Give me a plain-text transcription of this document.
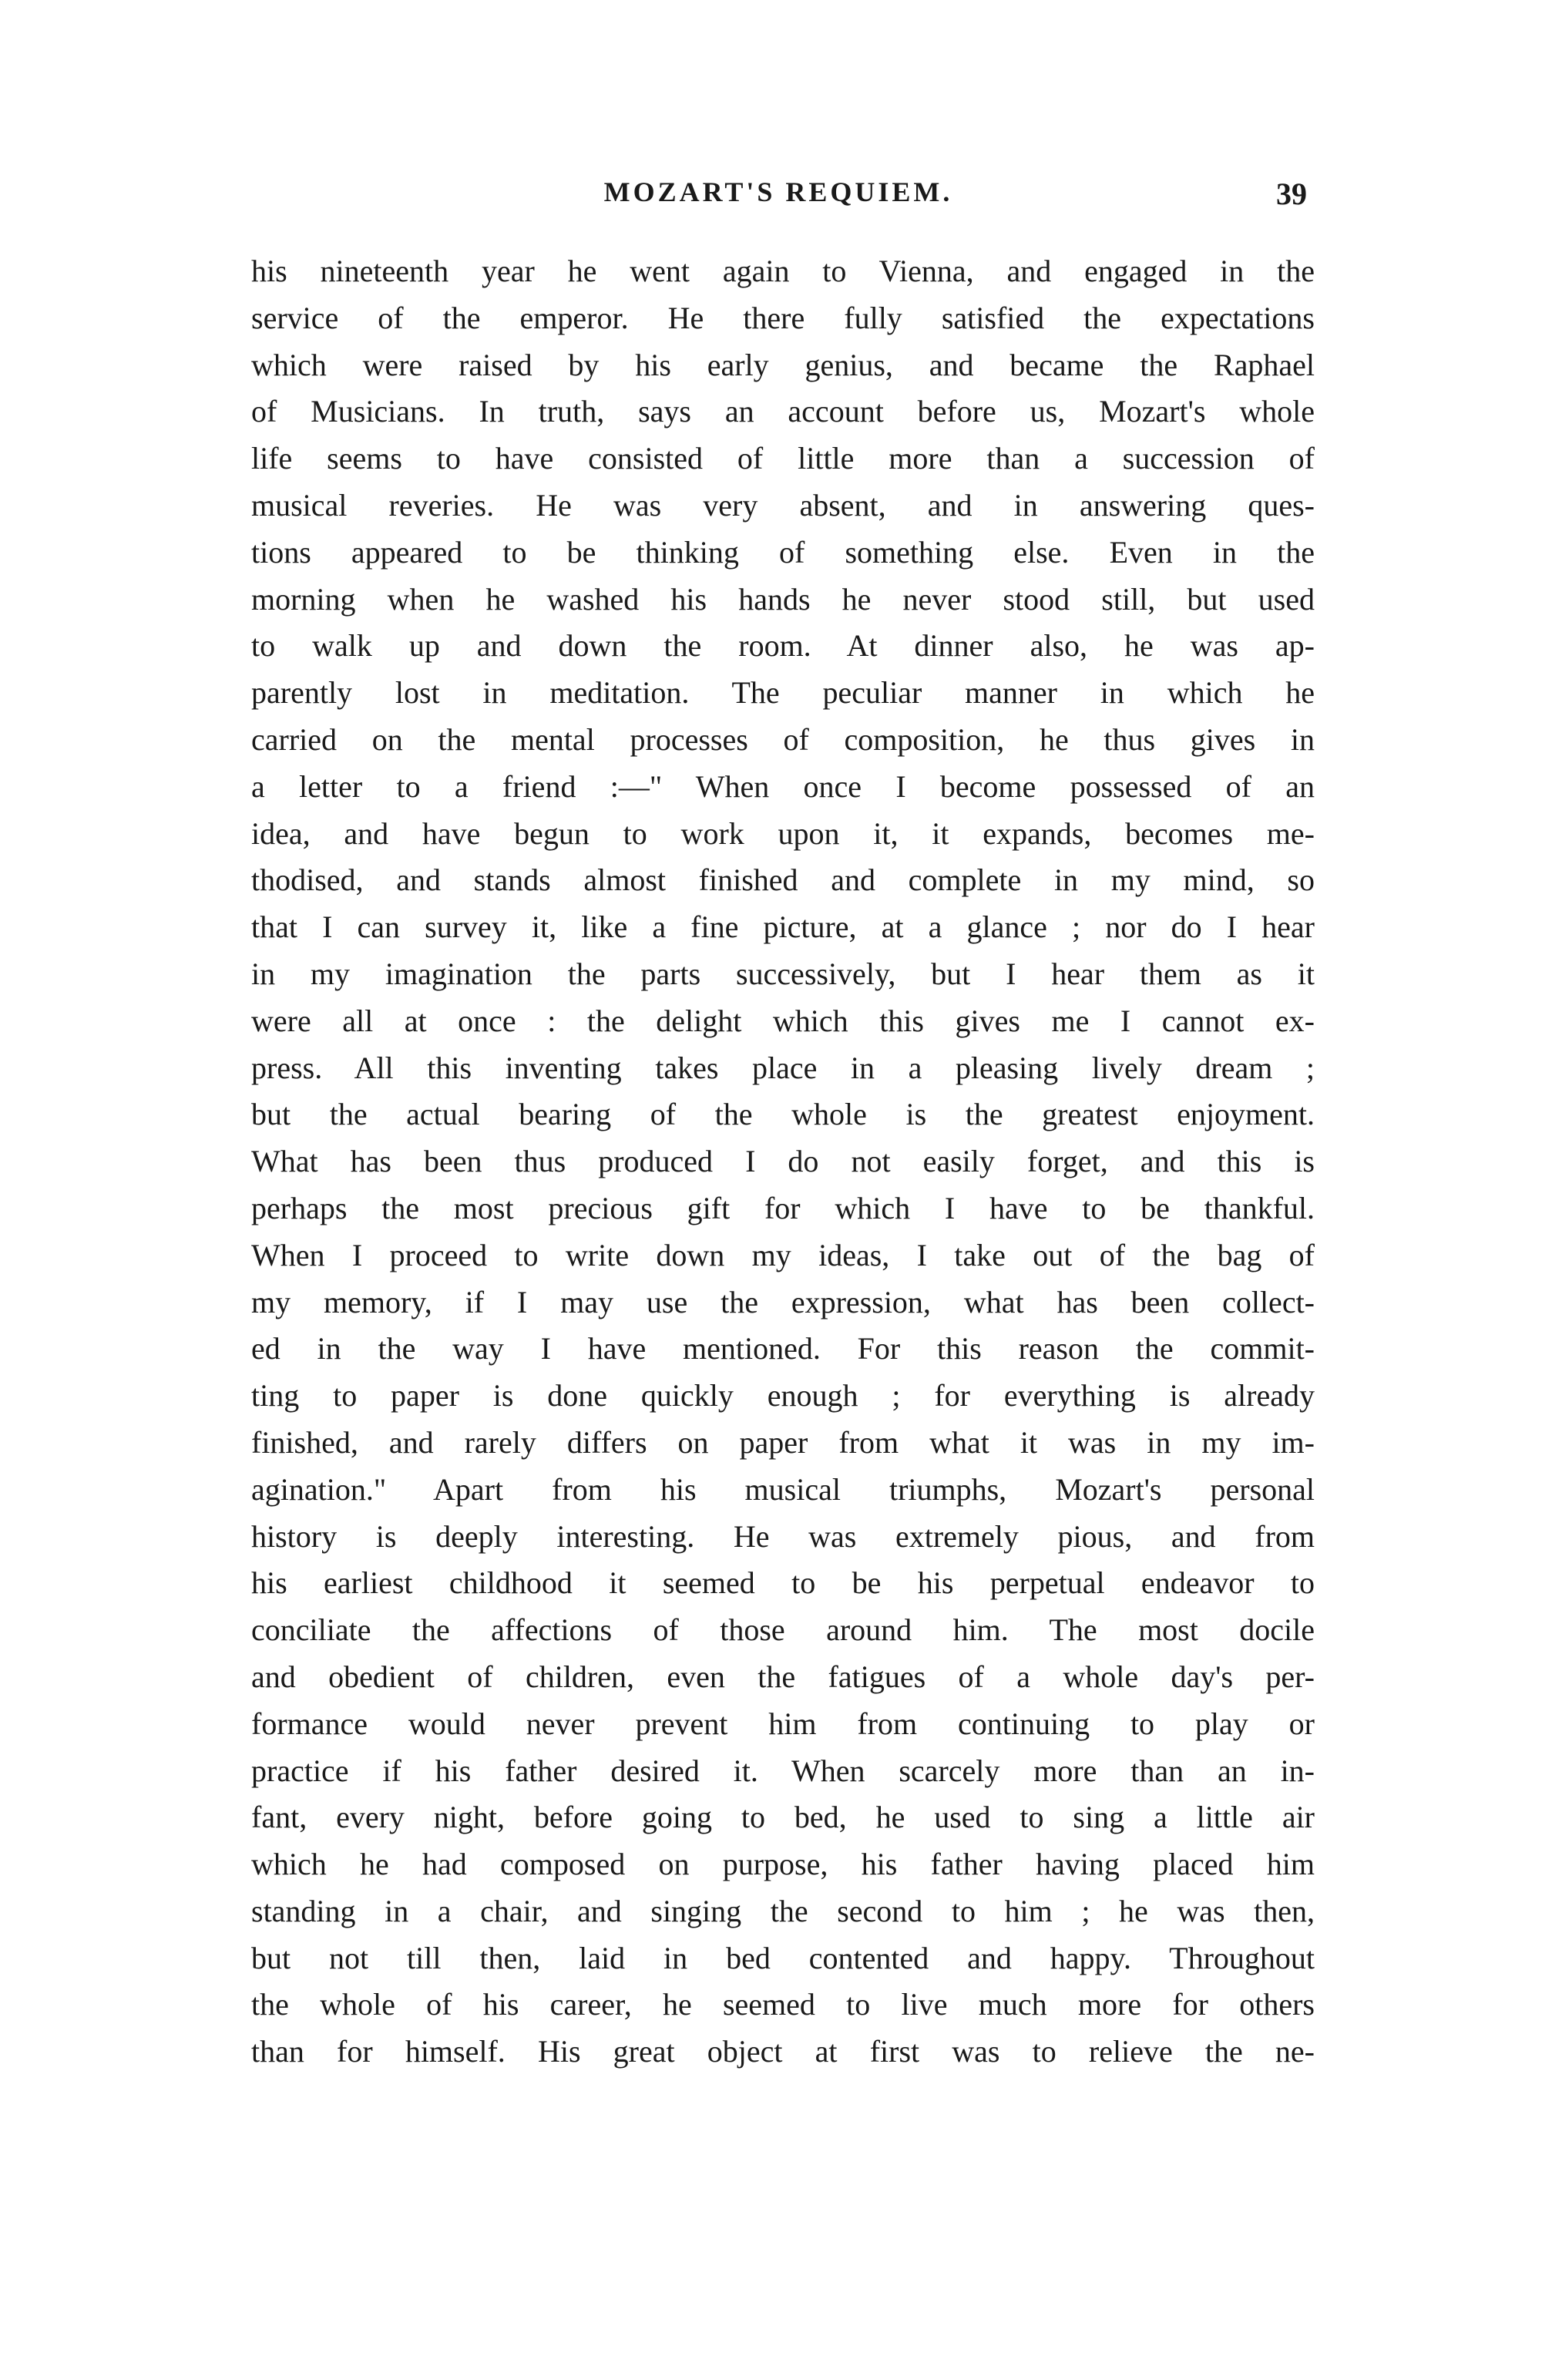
MOZART'S REQUIEM.	39
his nineteenth year he went again to Vienna, and engaged in the
service of the emperor. He there fully satisfied the expectations
which were raised by his early genius, and became the Raphael
of Musicians. In truth, says an account before us, Mozart's whole
life seems to have consisted of little more than a succession of
musical reveries. He was very absent, and in answering ques-
tions appeared to be thinking of something else. Even in the
morning when he washed his hands he never stood still, but used
to walk up and down the room. At dinner also, he was ap-
parently lost in meditation. The peculiar manner in which he
carried on the mental processes of composition, he thus gives in
a letter to a friend :—" When once I become possessed of an
idea, and have begun to work upon it, it expands, becomes me-
thodised, and stands almost finished and complete in my mind, so
that I can survey it, like a fine picture, at a glance ; nor do I hear
in my imagination the parts successively, but I hear them as it
were all at once : the delight which this gives me I cannot ex-
press. All this inventing takes place in a pleasing lively dream ;
but the actual bearing of the whole is the greatest enjoyment.
What has been thus produced I do not easily forget, and this is
perhaps the most precious gift for which I have to be thankful.
When I proceed to write down my ideas, I take out of the bag of
my memory, if I may use the expression, what has been collect-
ed in the way I have mentioned. For this reason the commit-
ting to paper is done quickly enough ; for everything is already
finished, and rarely differs on paper from what it was in my im-
agination." Apart from his musical triumphs, Mozart's personal
history is deeply interesting. He was extremely pious, and from
his earliest childhood it seemed to be his perpetual endeavor to
conciliate the affections of those around him. The most docile
and obedient of children, even the fatigues of a whole day's per-
formance would never prevent him from continuing to play or
practice if his father desired it. When scarcely more than an in-
fant, every night, before going to bed, he used to sing a little air
which he had composed on purpose, his father having placed him
standing in a chair, and singing the second to him ; he was then,
but not till then, laid in bed contented and happy. Throughout
the whole of his career, he seemed to live much more for others
than for himself. His great object at first was to relieve the ne-
